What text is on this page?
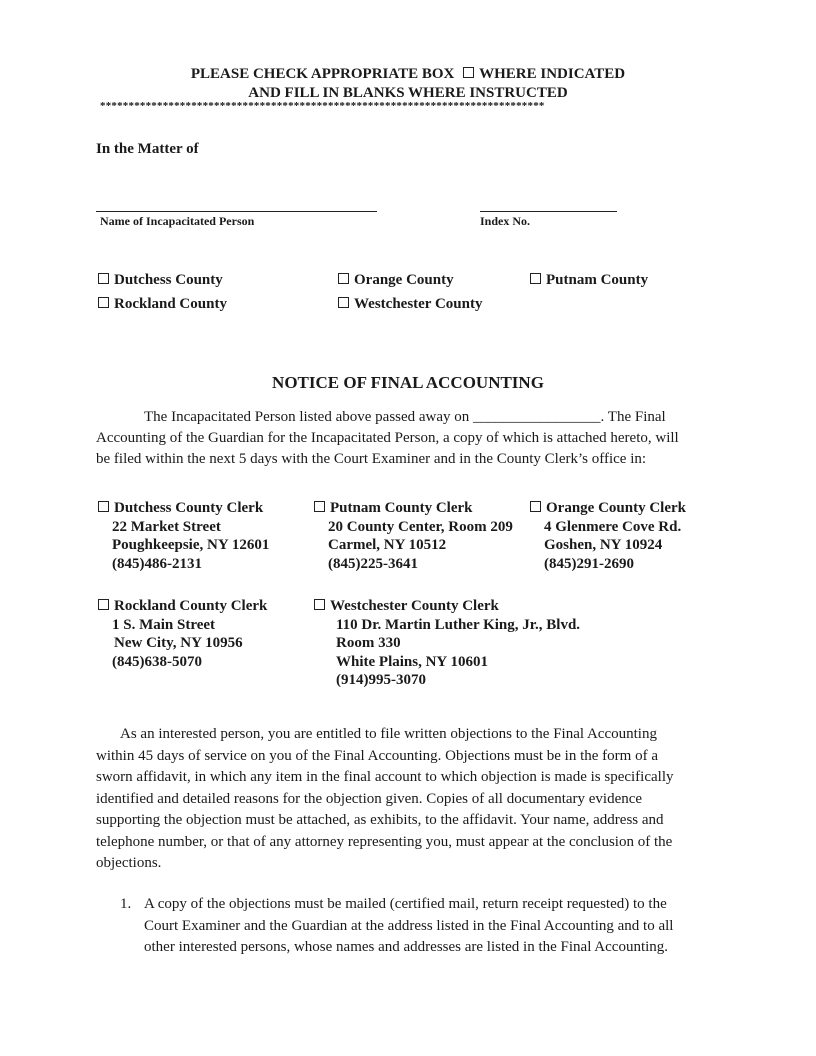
PLEASE CHECK APPROPRIATE BOX WHERE INDICATED
AND FILL IN BLANKS WHERE INSTRUCTED
******************************************************************************
In the Matter of
Name of Incapacitated Person	Index No.
Dutchess County	Orange County	Putnam County
Rockland County	Westchester County
NOTICE OF FINAL ACCOUNTING
The Incapacitated Person listed above passed away on _________________. The Final
Accounting of the Guardian for the Incapacitated Person, a copy of which is attached hereto, will
be filed within the next 5 days with the Court Examiner and in the County Clerk’s office in:
Dutchess County Clerk
22 Market Street
Poughkeepsie, NY 12601
(845)486-2131
Putnam County Clerk
20 County Center, Room 209
Carmel, NY 10512
(845)225-3641
Orange County Clerk
4 Glenmere Cove Rd.
Goshen, NY 10924
(845)291-2690
Rockland County Clerk
1 S. Main Street
New City, NY 10956
(845)638-5070
Westchester County Clerk
110 Dr. Martin Luther King, Jr., Blvd.
Room 330
White Plains, NY 10601
(914)995-3070
As an interested person, you are entitled to file written objections to the Final Accounting
within 45 days of service on you of the Final Accounting. Objections must be in the form of a
sworn affidavit, in which any item in the final account to which objection is made is specifically
identified and detailed reasons for the objection given. Copies of all documentary evidence
supporting the objection must be attached, as exhibits, to the affidavit. Your name, address and
telephone number, or that of any attorney representing you, must appear at the conclusion of the
objections.
1. A copy of the objections must be mailed (certified mail, return receipt requested) to the
Court Examiner and the Guardian at the address listed in the Final Accounting and to all
other interested persons, whose names and addresses are listed in the Final Accounting.
